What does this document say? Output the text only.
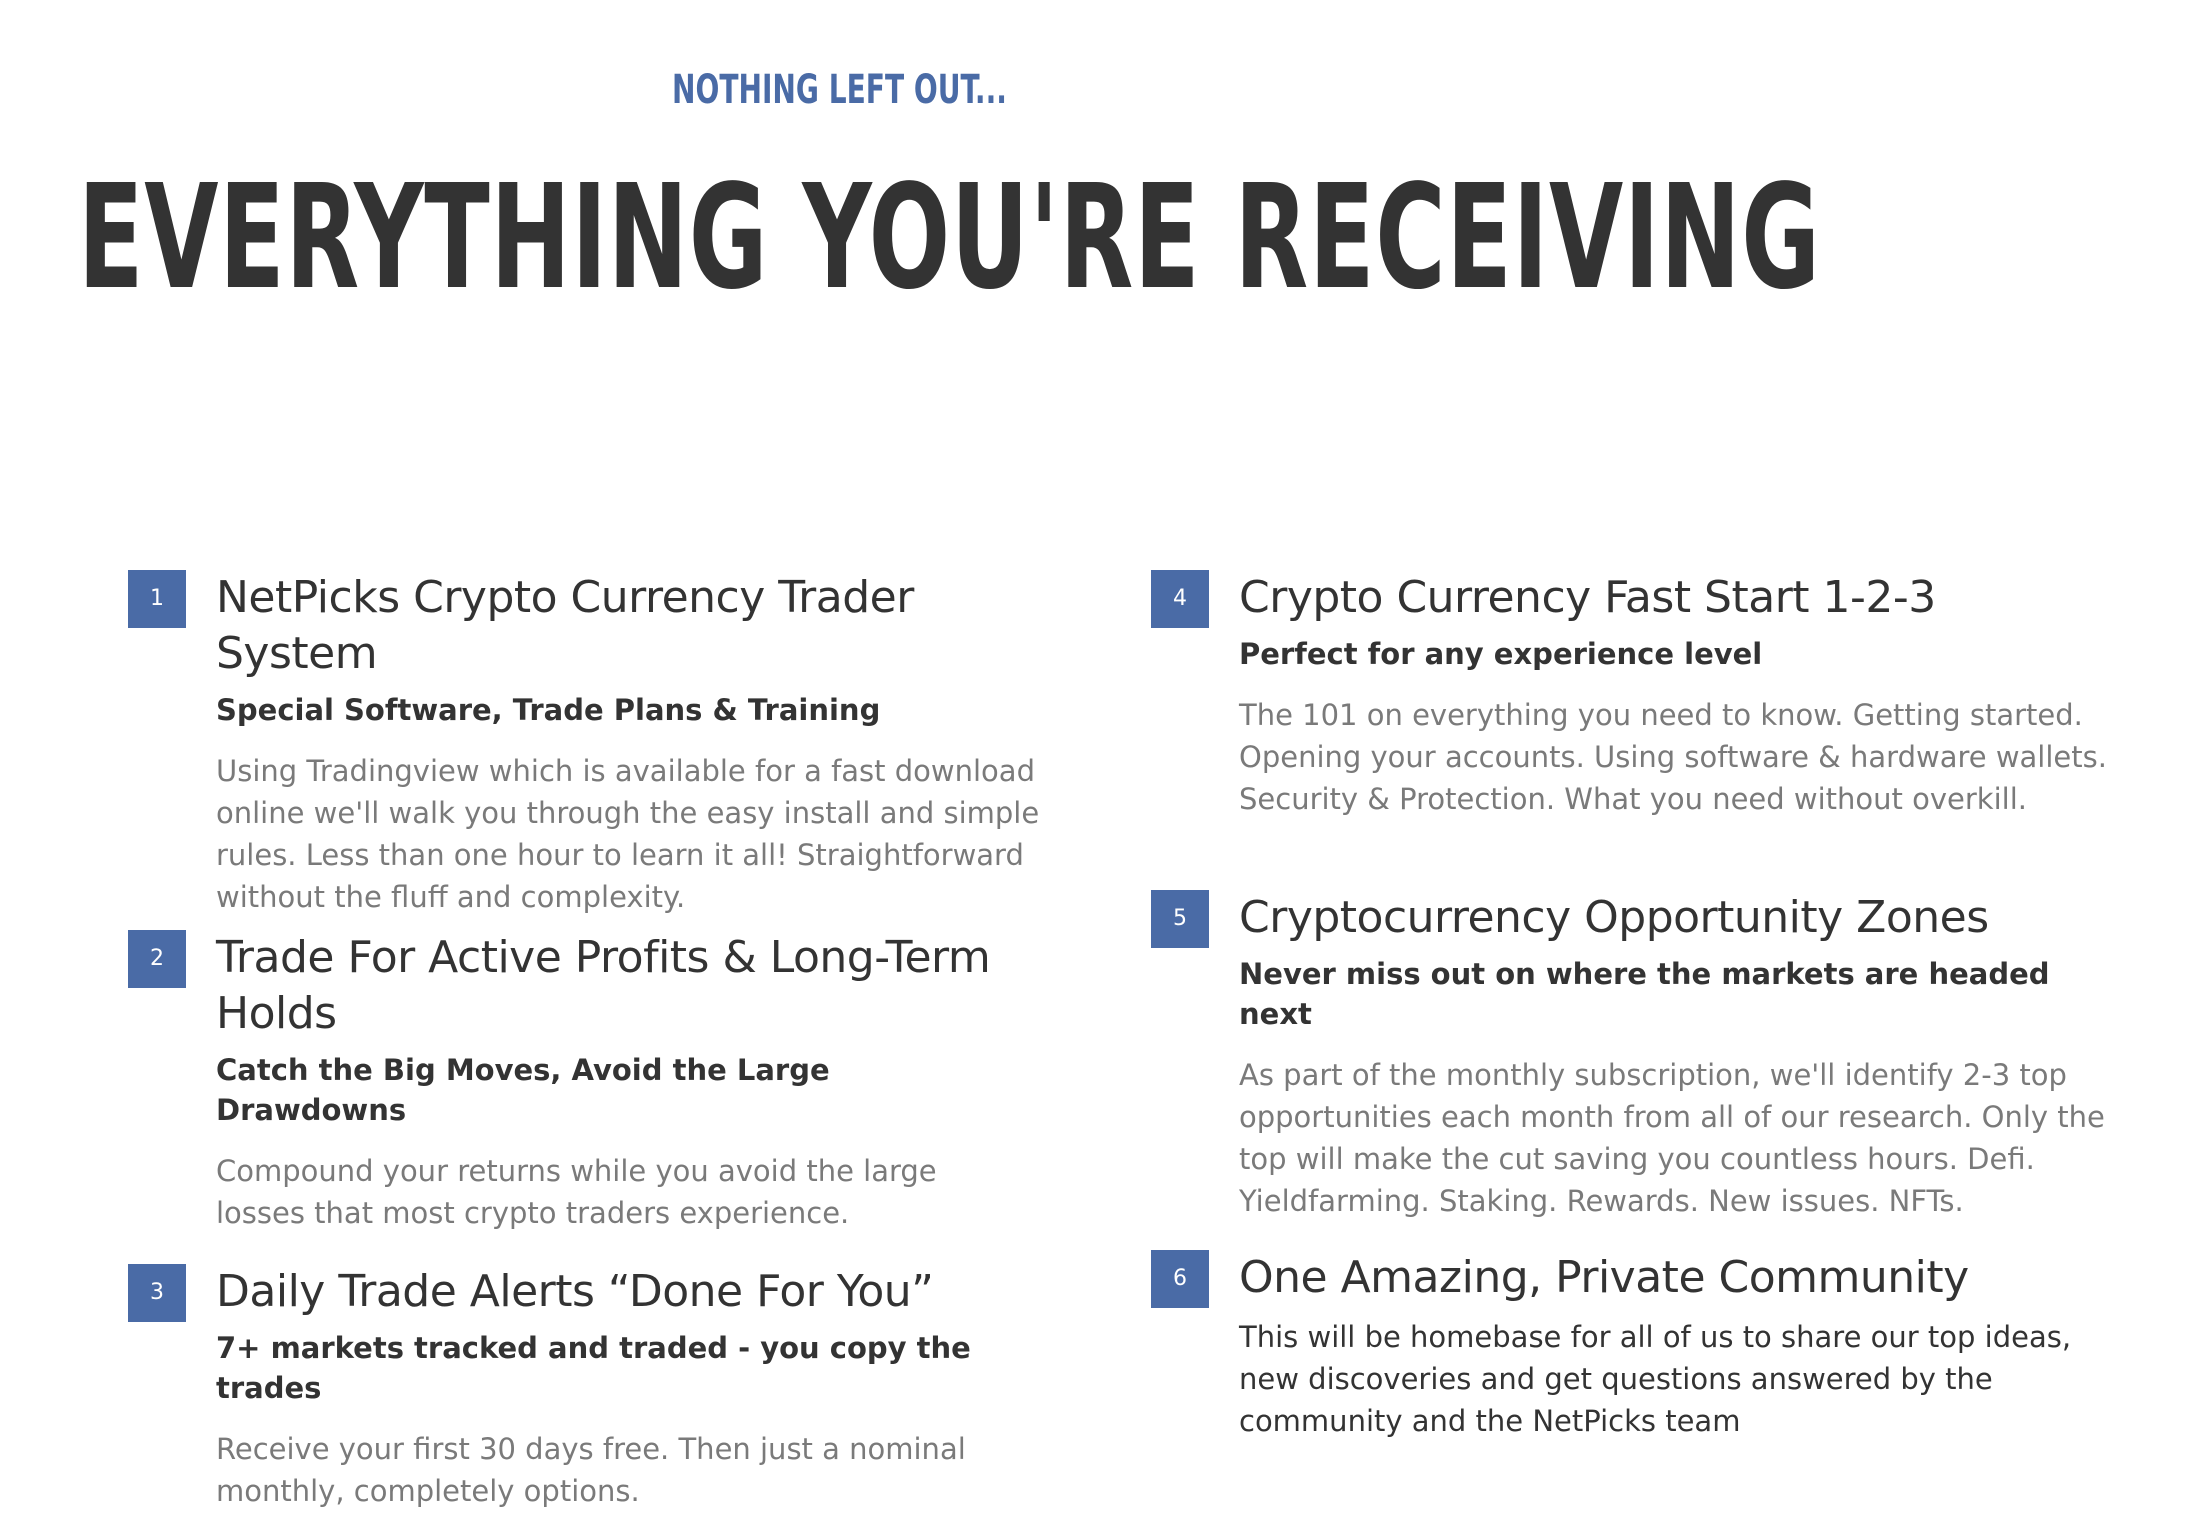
NOTHING LEFT OUT...
EVERYTHING YOU'RE RECEIVING
1	NetPicks Crypto Currency Trader System
Special Software, Trade Plans & Training

Using Tradingview which is available for a fast download online we'll walk you through the easy install and simple rules. Less than one hour to learn it all! Straightforward without the fluff and complexity.

2	Trade For Active Profits & Long-Term Holds
Catch the Big Moves, Avoid the Large Drawdowns

Compound your returns while you avoid the large losses that most crypto traders experience.

3	Daily Trade Alerts “Done For You”
7+ markets tracked and traded - you copy the trades

Receive your first 30 days free. Then just a nominal monthly, completely options.

4	Crypto Currency Fast Start 1-2-3
Perfect for any experience level

The 101 on everything you need to know. Getting started. Opening your accounts. Using software & hardware wallets. Security & Protection. What you need without overkill.

5	Cryptocurrency Opportunity Zones
Never miss out on where the markets are headed next

As part of the monthly subscription, we'll identify 2-3 top opportunities each month from all of our research. Only the top will make the cut saving you countless hours. Defi. Yieldfarming. Staking. Rewards. New issues. NFTs.

6	One Amazing, Private Community

This will be homebase for all of us to share our top ideas, new discoveries and get questions answered by the community and the NetPicks team
